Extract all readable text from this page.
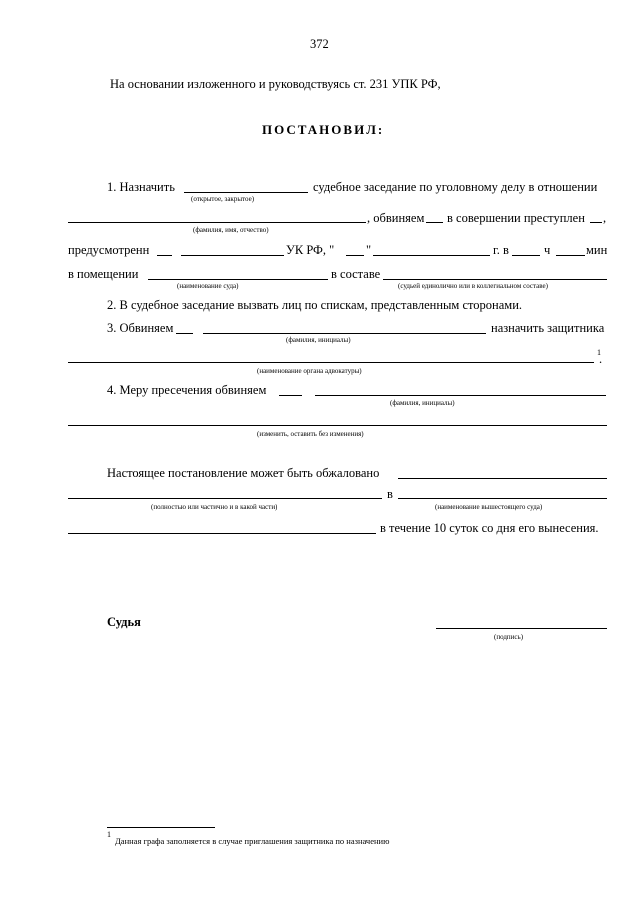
372
На основании изложенного и руководствуясь ст. 231 УПК РФ,
ПОСТАНОВИЛ:
1. Назначить	судебное заседание по уголовному делу в отношении
(открытое, закрытое)
, обвиняем в совершении преступлен ,
(фамилия, имя, отчество)
предусмотренн	УК РФ, "	"	г. в	ч	мин
в помещении	в составе
(наименование суда)	(судьей единолично или в коллегиальном составе)
2. В судебное заседание вызвать лиц по спискам, представленным сторонами.
3. Обвиняем	назначить защитника
(фамилия, инициалы)
1
.
(наименование органа адвокатуры)
4. Меру пресечения обвиняем
(фамилия, инициалы)
(изменить, оставить без изменения)
Настоящее постановление может быть обжаловано
в
(полностью или частично и в какой части)	(наименование вышестоящего суда)
в течение 10 суток со дня его вынесения.
Судья
(подпись)
1
Данная графа заполняется в случае приглашения защитника по назначению
